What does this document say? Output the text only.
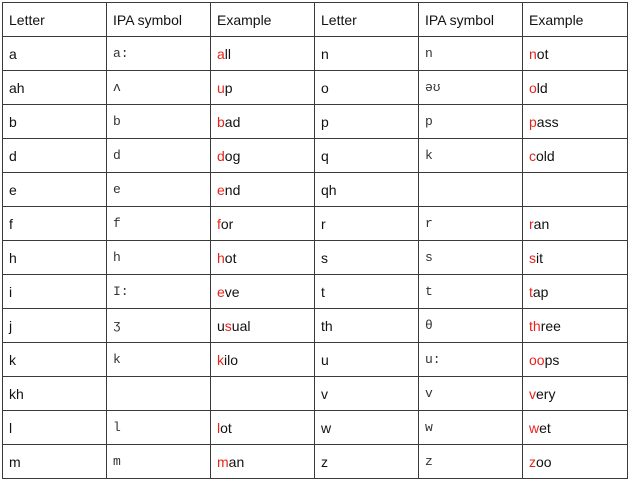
Letter	IPA symbol	Example	Letter	IPA symbol	Example
a	a:	all	n	n	not
ah	ʌ	up	o	əʊ	old
b	b	bad	p	p	pass
d	d	dog	q	k	cold
e	e	end	qh		
f	f	for	r	r	ran
h	h	hot	s	s	sit
i	I:	eve	t	t	tap
j	ʒ	usual	th	θ	three
k	k	kilo	u	u:	oops
kh			v	v	very
l	l	lot	w	w	wet
m	m	man	z	z	zoo
